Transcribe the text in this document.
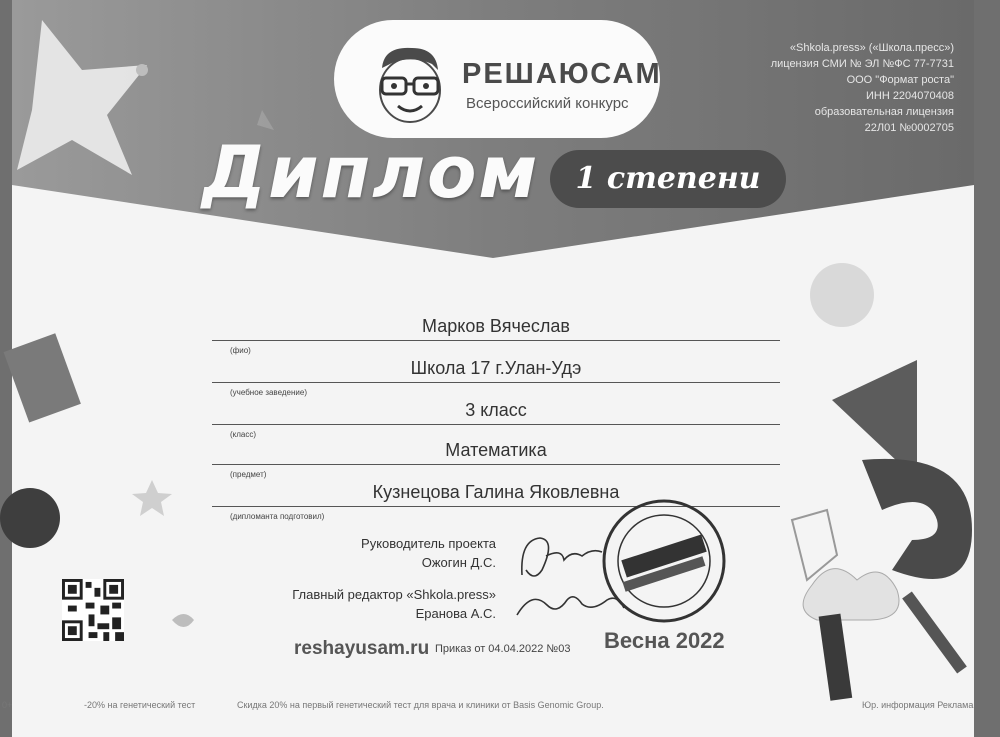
РЕШАЮСАМ
Всероссийский конкурс
«Shkola.press» («Школа.пресс»)
лицензия СМИ № ЭЛ №ФС 77-7731
ООО "Формат роста"
ИНН 2204070408
образовательная лицензия
22Л01 №0002705
Диплом	1 степени
Марков Вячеслав
(фио)
Школа 17 г.Улан-Удэ
(учебное заведение)
3 класс
(класс)
Математика
(предмет)
Кузнецова Галина Яковлевна
(дипломанта подготовил)
Руководитель проекта
Ожогин Д.С.
Главный редактор «Shkola.press»
Еранова А.С.
reshayusam.ru Приказ от 04.04.2022 №03 Весна 2022
0+	-20% на генетический тест	Скидка 20% на первый генетический тест для врача и клиники от Basis Genomic Group.	Юр. информация Реклама
